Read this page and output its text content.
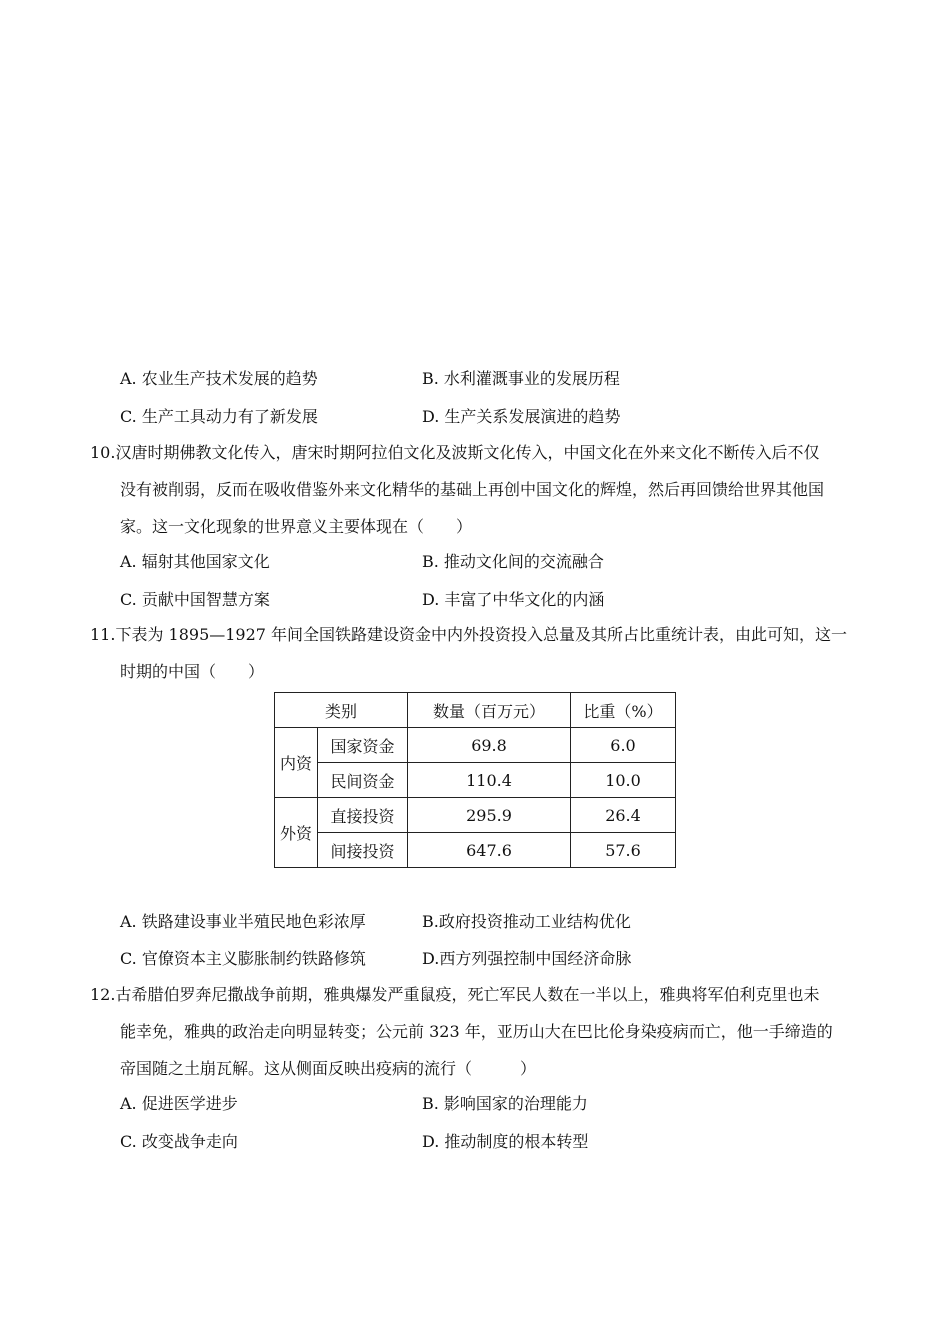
A. 农业生产技术发展的趋势	B. 水利灌溉事业的发展历程
C. 生产工具动力有了新发展	D. 生产关系发展演进的趋势
10.汉唐时期佛教文化传入，唐宋时期阿拉伯文化及波斯文化传入，中国文化在外来文化不断传入后不仅
没有被削弱，反而在吸收借鉴外来文化精华的基础上再创中国文化的辉煌，然后再回馈给世界其他国
家。这一文化现象的世界意义主要体现在（　　）
A. 辐射其他国家文化	B. 推动文化间的交流融合
C. 贡献中国智慧方案	D. 丰富了中华文化的内涵
11.下表为 1895—1927 年间全国铁路建设资金中内外投资投入总量及其所占比重统计表，由此可知，这一
时期的中国（　　）
类别		数量（百万元）	比重（%）
内资	国家资金	69.8	6.0
	民间资金	110.4	10.0
外资	直接投资	295.9	26.4
	间接投资	647.6	57.6
A. 铁路建设事业半殖民地色彩浓厚	B.政府投资推动工业结构优化
C. 官僚资本主义膨胀制约铁路修筑	D.西方列强控制中国经济命脉
12.古希腊伯罗奔尼撒战争前期，雅典爆发严重鼠疫，死亡军民人数在一半以上，雅典将军伯利克里也未
能幸免，雅典的政治走向明显转变；公元前 323 年，亚历山大在巴比伦身染疫病而亡，他一手缔造的
帝国随之土崩瓦解。这从侧面反映出疫病的流行（　　　）
A. 促进医学进步	B. 影响国家的治理能力
C. 改变战争走向	D. 推动制度的根本转型
